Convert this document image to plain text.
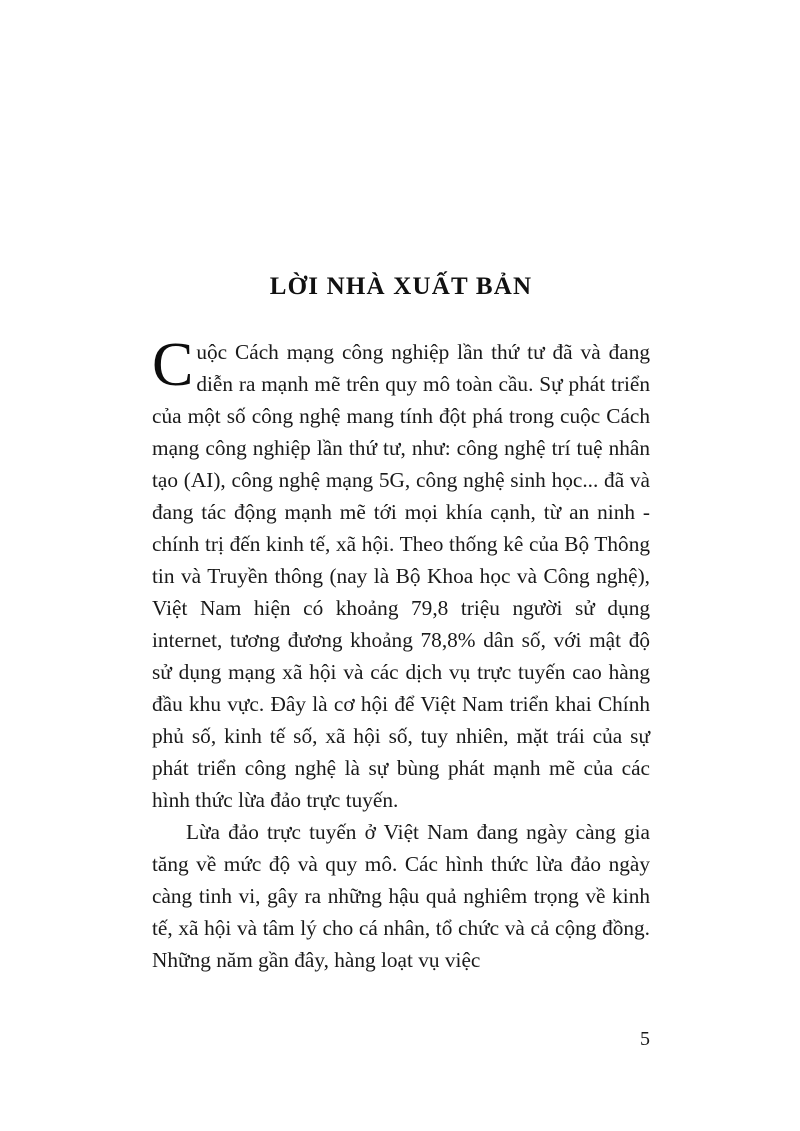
LỜI NHÀ XUẤT BẢN

Cuộc Cách mạng công nghiệp lần thứ tư đã và đang diễn ra mạnh mẽ trên quy mô toàn cầu. Sự phát triển của một số công nghệ mang tính đột phá trong cuộc Cách mạng công nghiệp lần thứ tư, như: công nghệ trí tuệ nhân tạo (AI), công nghệ mạng 5G, công nghệ sinh học... đã và đang tác động mạnh mẽ tới mọi khía cạnh, từ an ninh - chính trị đến kinh tế, xã hội. Theo thống kê của Bộ Thông tin và Truyền thông (nay là Bộ Khoa học và Công nghệ), Việt Nam hiện có khoảng 79,8 triệu người sử dụng internet, tương đương khoảng 78,8% dân số, với mật độ sử dụng mạng xã hội và các dịch vụ trực tuyến cao hàng đầu khu vực. Đây là cơ hội để Việt Nam triển khai Chính phủ số, kinh tế số, xã hội số, tuy nhiên, mặt trái của sự phát triển công nghệ là sự bùng phát mạnh mẽ của các hình thức lừa đảo trực tuyến.

Lừa đảo trực tuyến ở Việt Nam đang ngày càng gia tăng về mức độ và quy mô. Các hình thức lừa đảo ngày càng tinh vi, gây ra những hậu quả nghiêm trọng về kinh tế, xã hội và tâm lý cho cá nhân, tổ chức và cả cộng đồng. Những năm gần đây, hàng loạt vụ việc

5
